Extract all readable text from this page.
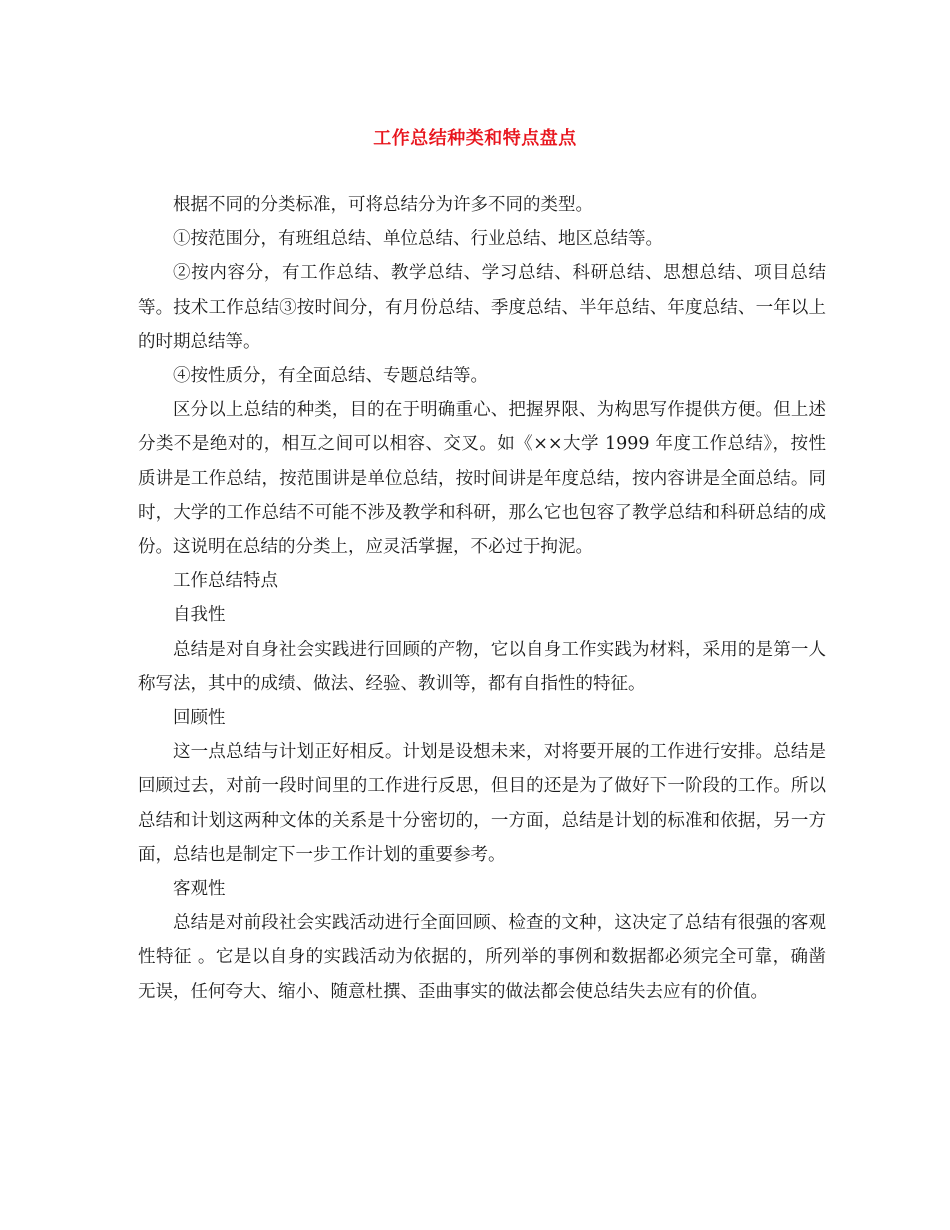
工作总结种类和特点盘点

根据不同的分类标准，可将总结分为许多不同的类型。

①按范围分，有班组总结、单位总结、行业总结、地区总结等。

②按内容分，有工作总结、教学总结、学习总结、科研总结、思想总结、项目总结等。技术工作总结③按时间分，有月份总结、季度总结、半年总结、年度总结、一年以上的时期总结等。

④按性质分，有全面总结、专题总结等。

区分以上总结的种类，目的在于明确重心、把握界限、为构思写作提供方便。但上述分类不是绝对的，相互之间可以相容、交叉。如《××大学 1999 年度工作总结》，按性质讲是工作总结，按范围讲是单位总结，按时间讲是年度总结，按内容讲是全面总结。同时，大学的工作总结不可能不涉及教学和科研，那么它也包容了教学总结和科研总结的成份。这说明在总结的分类上，应灵活掌握，不必过于拘泥。

工作总结特点

自我性

总结是对自身社会实践进行回顾的产物，它以自身工作实践为材料，采用的是第一人称写法，其中的成绩、做法、经验、教训等，都有自指性的特征。

回顾性

这一点总结与计划正好相反。计划是设想未来，对将要开展的工作进行安排。总结是回顾过去，对前一段时间里的工作进行反思，但目的还是为了做好下一阶段的工作。所以总结和计划这两种文体的关系是十分密切的，一方面，总结是计划的标准和依据，另一方面，总结也是制定下一步工作计划的重要参考。

客观性

总结是对前段社会实践活动进行全面回顾、检查的文种，这决定了总结有很强的客观性特征 。它是以自身的实践活动为依据的，所列举的事例和数据都必须完全可靠，确凿无误，任何夸大、缩小、随意杜撰、歪曲事实的做法都会使总结失去应有的价值。
